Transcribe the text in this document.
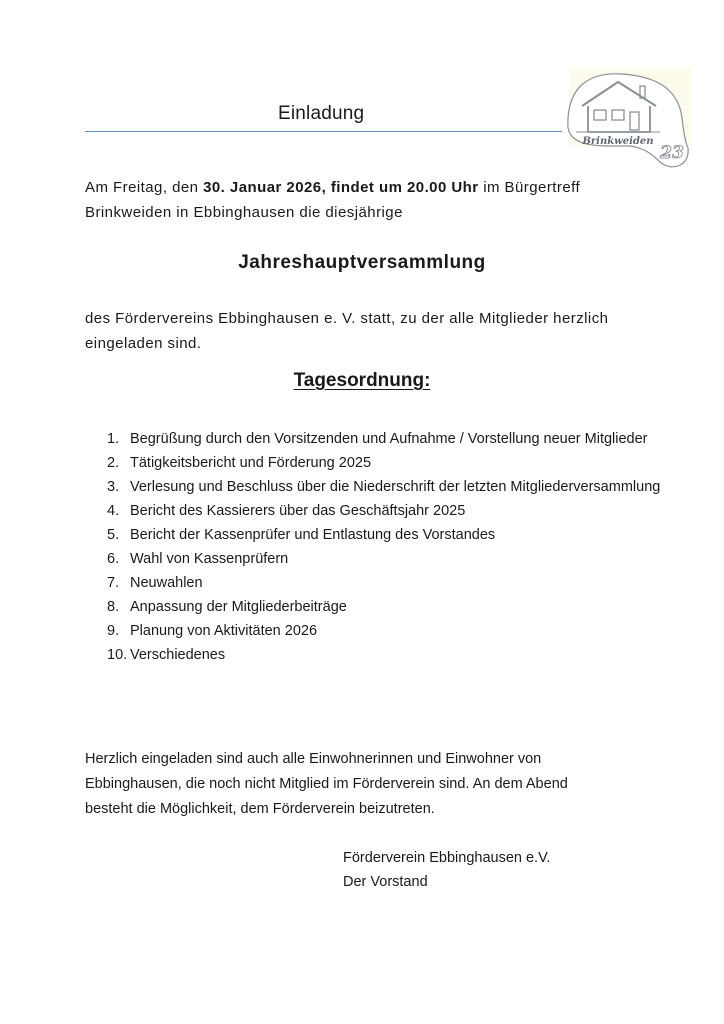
Einladung
Brinkweiden
23
Am Freitag, den 30. Januar 2026, findet um 20.00 Uhr im Bürgertreff Brinkweiden in Ebbinghausen die diesjährige
Jahreshauptversammlung
des Fördervereins Ebbinghausen e. V. statt, zu der alle Mitglieder herzlich eingeladen sind.
Tagesordnung:
1. Begrüßung durch den Vorsitzenden und Aufnahme / Vorstellung neuer Mitglieder
2. Tätigkeitsbericht und Förderung 2025
3. Verlesung und Beschluss über die Niederschrift der letzten Mitgliederversammlung
4. Bericht des Kassierers über das Geschäftsjahr 2025
5. Bericht der Kassenprüfer und Entlastung des Vorstandes
6. Wahl von Kassenprüfern
7. Neuwahlen
8. Anpassung der Mitgliederbeiträge
9. Planung von Aktivitäten 2026
10. Verschiedenes
Herzlich eingeladen sind auch alle Einwohnerinnen und Einwohner von Ebbinghausen, die noch nicht Mitglied im Förderverein sind. An dem Abend besteht die Möglichkeit, dem Förderverein beizutreten.
Förderverein Ebbinghausen e.V.
Der Vorstand
